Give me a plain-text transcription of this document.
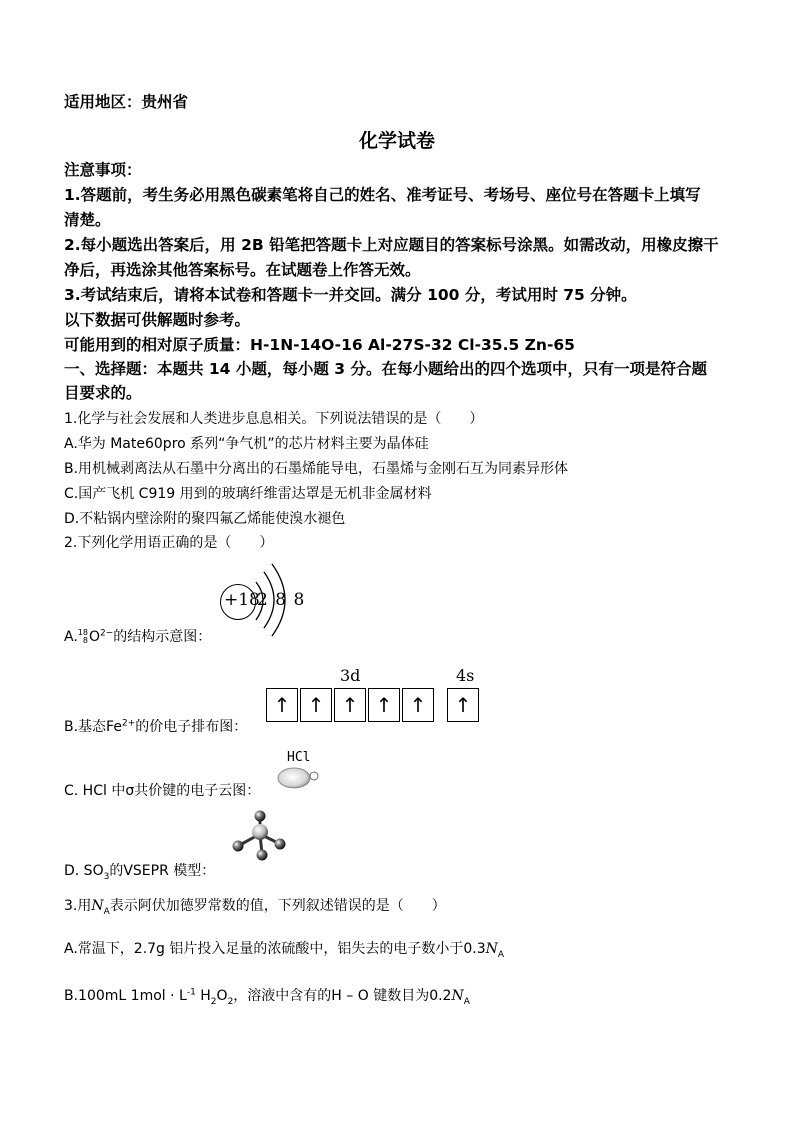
适用地区：贵州省
化学试卷
注意事项：
1.答题前，考生务必用黑色碳素笔将自己的姓名、准考证号、考场号、座位号在答题卡上填写
清楚。
2.每小题选出答案后，用 2B 铅笔把答题卡上对应题目的答案标号涂黑。如需改动，用橡皮擦干
净后，再选涂其他答案标号。在试题卷上作答无效。
3.考试结束后，请将本试卷和答题卡一并交回。满分 100 分，考试用时 75 分钟。
以下数据可供解题时参考。
可能用到的相对原子质量：H-1N-14O-16 Al-27S-32 Cl-35.5 Zn-65
一、选择题：本题共 14 小题，每小题 3 分。在每小题给出的四个选项中，只有一项是符合题
目要求的。
1.化学与社会发展和人类进步息息相关。下列说法错误的是（　　）
A.华为 Mate60pro 系列“争气机”的芯片材料主要为晶体硅
B.用机械剥离法从石墨中分离出的石墨烯能导电，石墨烯与金刚石互为同素异形体
C.国产飞机 C919 用到的玻璃纤维雷达罩是无机非金属材料
D.不粘锅内壁涂附的聚四氟乙烯能使溴水褪色
2.下列化学用语正确的是（　　）
+18
2 8 8
A. 18
8 $O^{2-}$的结构示意图：
3d	4s
↑ ↑ ↑ ↑ ↑	↑
B.基态$Fe^{2+}$的价电子排布图：
HCl
C. HCl 中σ共价键的电子云图：
D. $SO_3$的VSEPR 模型：
3.用$N_A$表示阿伏加德罗常数的值，下列叙述错误的是（　　）
A.常温下，2.7g 铝片投入足量的浓硫酸中，铝失去的电子数小于$0.3N_A$
B.100mL $1mol \cdot L^{-1}$ $H_2O_2$，溶液中含有的H – O 键数目为$0.2N_A$
